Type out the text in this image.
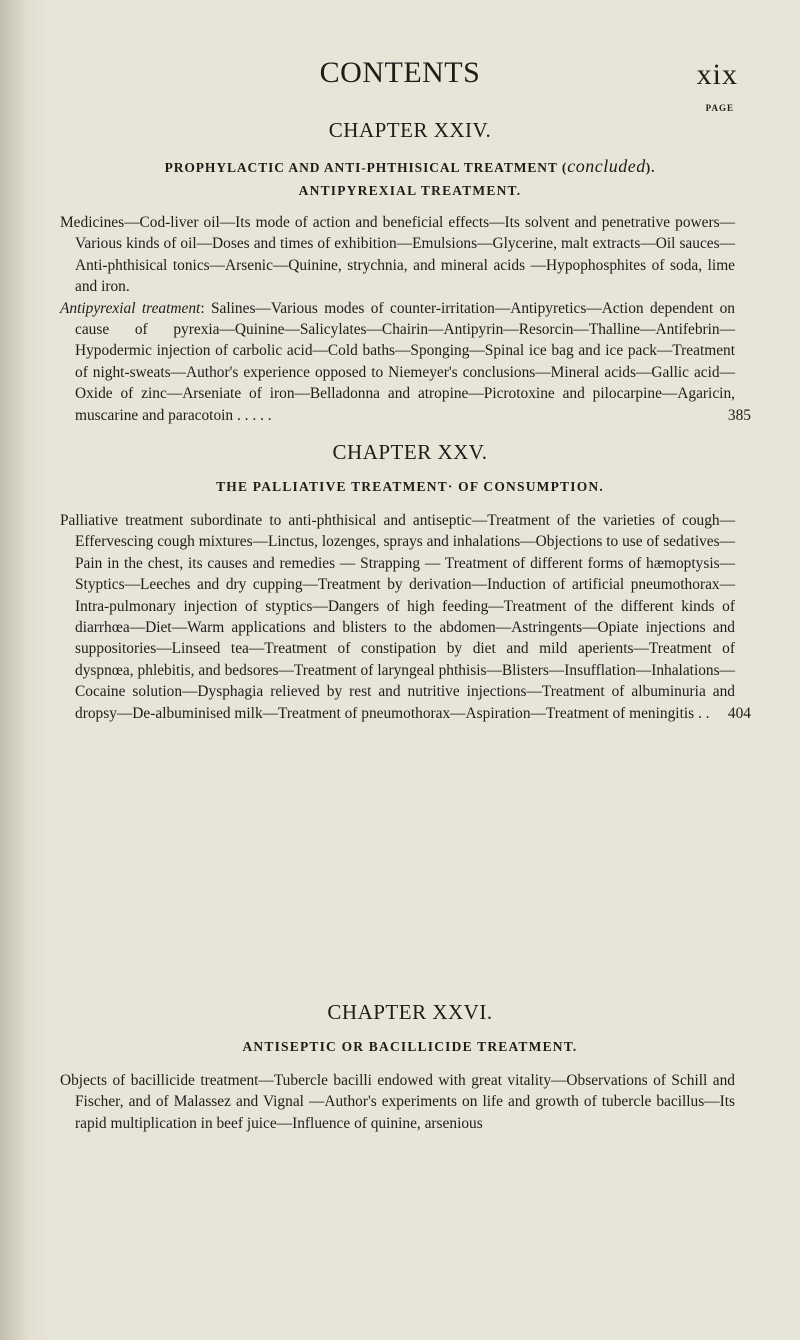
CONTENTS	xix
PAGE
CHAPTER XXIV.

PROPHYLACTIC AND ANTI-PHTHISICAL TREATMENT (concluded).

ANTIPYREXIAL TREATMENT.

Medicines—Cod-liver oil—Its mode of action and beneficial effects—Its solvent and penetrative powers—Various kinds of oil—Doses and times of exhibition—Emulsions—Glycerine, malt extracts—Oil sauces—Anti-phthisical tonics—Arsenic—Quinine, strychnia, and mineral acids —Hypophosphites of soda, lime and iron.

Antipyrexial treatment: Salines—Various modes of counter-irritation—Antipyretics—Action dependent on cause of pyrexia—Quinine—Salicylates—Chairin—Antipyrin—Resorcin—Thalline—Antifebrin—Hypodermic injection of carbolic acid—Cold baths—Sponging—Spinal ice bag and ice pack—Treatment of night-sweats—Author's experience opposed to Niemeyer's conclusions—Mineral acids—Gallic acid—Oxide of zinc—Arseniate of iron—Belladonna and atropine—Picrotoxine and pilocarpine—Agaricin, muscarine and paracotoin . . . . .	385

CHAPTER XXV.

THE PALLIATIVE TREATMENT· OF CONSUMPTION.

Palliative treatment subordinate to anti-phthisical and antiseptic—Treatment of the varieties of cough—Effervescing cough mixtures—Linctus, lozenges, sprays and inhalations—Objections to use of sedatives—Pain in the chest, its causes and remedies — Strapping — Treatment of different forms of hæmoptysis—Styptics—Leeches and dry cupping—Treatment by derivation—Induction of artificial pneumothorax—Intra-pulmonary injection of styptics—Dangers of high feeding—Treatment of the different kinds of diarrhœa—Diet—Warm applications and blisters to the abdomen—Astringents—Opiate injections and suppositories—Linseed tea—Treatment of constipation by diet and mild aperients—Treatment of dyspnœa, phlebitis, and bedsores—Treatment of laryngeal phthisis—Blisters—Insufflation—Inhalations—Cocaine solution—Dysphagia relieved by rest and nutritive injections—Treatment of albuminuria and dropsy—De-albuminised milk—Treatment of pneumothorax—Aspiration—Treatment of meningitis . . 404

CHAPTER XXVI.

ANTISEPTIC OR BACILLICIDE TREATMENT.

Objects of bacillicide treatment—Tubercle bacilli endowed with great vitality—Observations of Schill and Fischer, and of Malassez and Vignal —Author's experiments on life and growth of tubercle bacillus—Its rapid multiplication in beef juice—Influence of quinine, arsenious
